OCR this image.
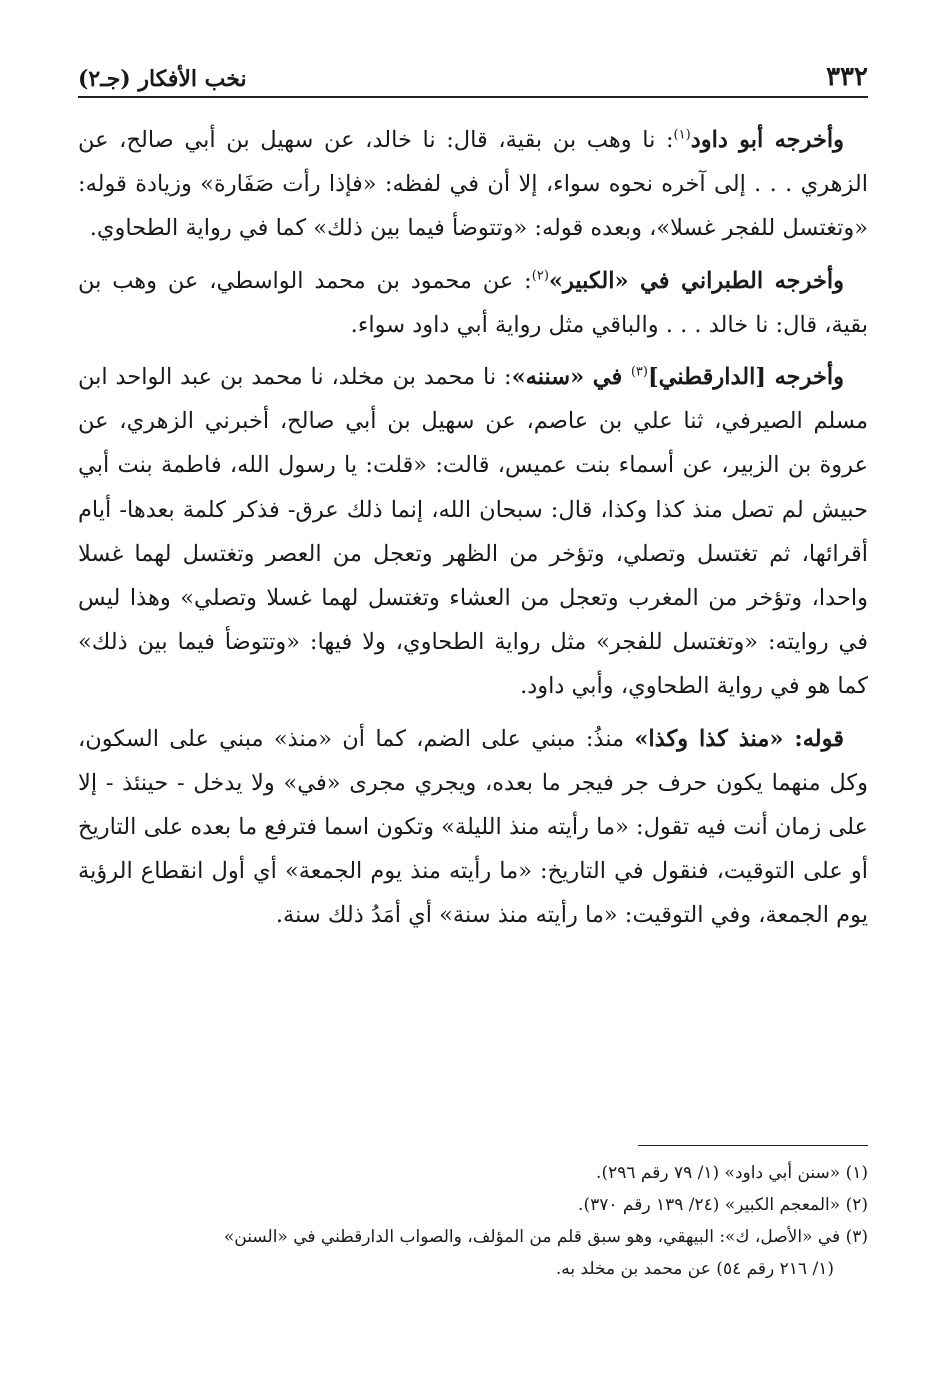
٣٣٢
نخب الأفكار (جـ٢)

وأخرجه أبو داود$^{(١)}$: نا وهب بن بقية، قال: نا خالد، عن سهيل بن أبي صالح، عن الزهري . . . إلى آخره نحوه سواء، إلا أن في لفظه: «فإذا رأت صَفَارة» وزيادة قوله: «وتغتسل للفجر غسلا»، وبعده قوله: «وتتوضأ فيما بين ذلك» كما في رواية الطحاوي.

وأخرجه الطبراني في «الكبير»$^{(٢)}$: عن محمود بن محمد الواسطي، عن وهب بن بقية، قال: نا خالد . . . والباقي مثل رواية أبي داود سواء.

وأخرجه [الدارقطني]$^{(٣)}$ في «سننه»: نا محمد بن مخلد، نا محمد بن عبد الواحد ابن مسلم الصيرفي، ثنا علي بن عاصم، عن سهيل بن أبي صالح، أخبرني الزهري، عن عروة بن الزبير، عن أسماء بنت عميس، قالت: «قلت: يا رسول الله، فاطمة بنت أبي حبيش لم تصل منذ كذا وكذا، قال: سبحان الله، إنما ذلك عرق- فذكر كلمة بعدها- أيام أقرائها، ثم تغتسل وتصلي، وتؤخر من الظهر وتعجل من العصر وتغتسل لهما غسلا واحدا، وتؤخر من المغرب وتعجل من العشاء وتغتسل لهما غسلا وتصلي» وهذا ليس في روايته: «وتغتسل للفجر» مثل رواية الطحاوي، ولا فيها: «وتتوضأ فيما بين ذلك» كما هو في رواية الطحاوي، وأبي داود.

قوله: «منذ كذا وكذا» منذُ: مبني على الضم، كما أن «منذ» مبني على السكون، وكل منهما يكون حرف جر فيجر ما بعده، ويجري مجرى «في» ولا يدخل - حينئذ - إلا على زمان أنت فيه تقول: «ما رأيته منذ الليلة» وتكون اسما فترفع ما بعده على التاريخ أو على التوقيت، فنقول في التاريخ: «ما رأيته منذ يوم الجمعة» أي أول انقطاع الرؤية يوم الجمعة، وفي التوقيت: «ما رأيته منذ سنة» أي أمَدُ ذلك سنة.

(١) «سنن أبي داود» (١/ ٧٩ رقم ٢٩٦).

(٢) «المعجم الكبير» (٢٤/ ١٣٩ رقم ٣٧٠).

(٣) في «الأصل، ك»: البيهقي، وهو سبق قلم من المؤلف، والصواب الدارقطني في «السنن»

(١/ ٢١٦ رقم ٥٤) عن محمد بن مخلد به.
